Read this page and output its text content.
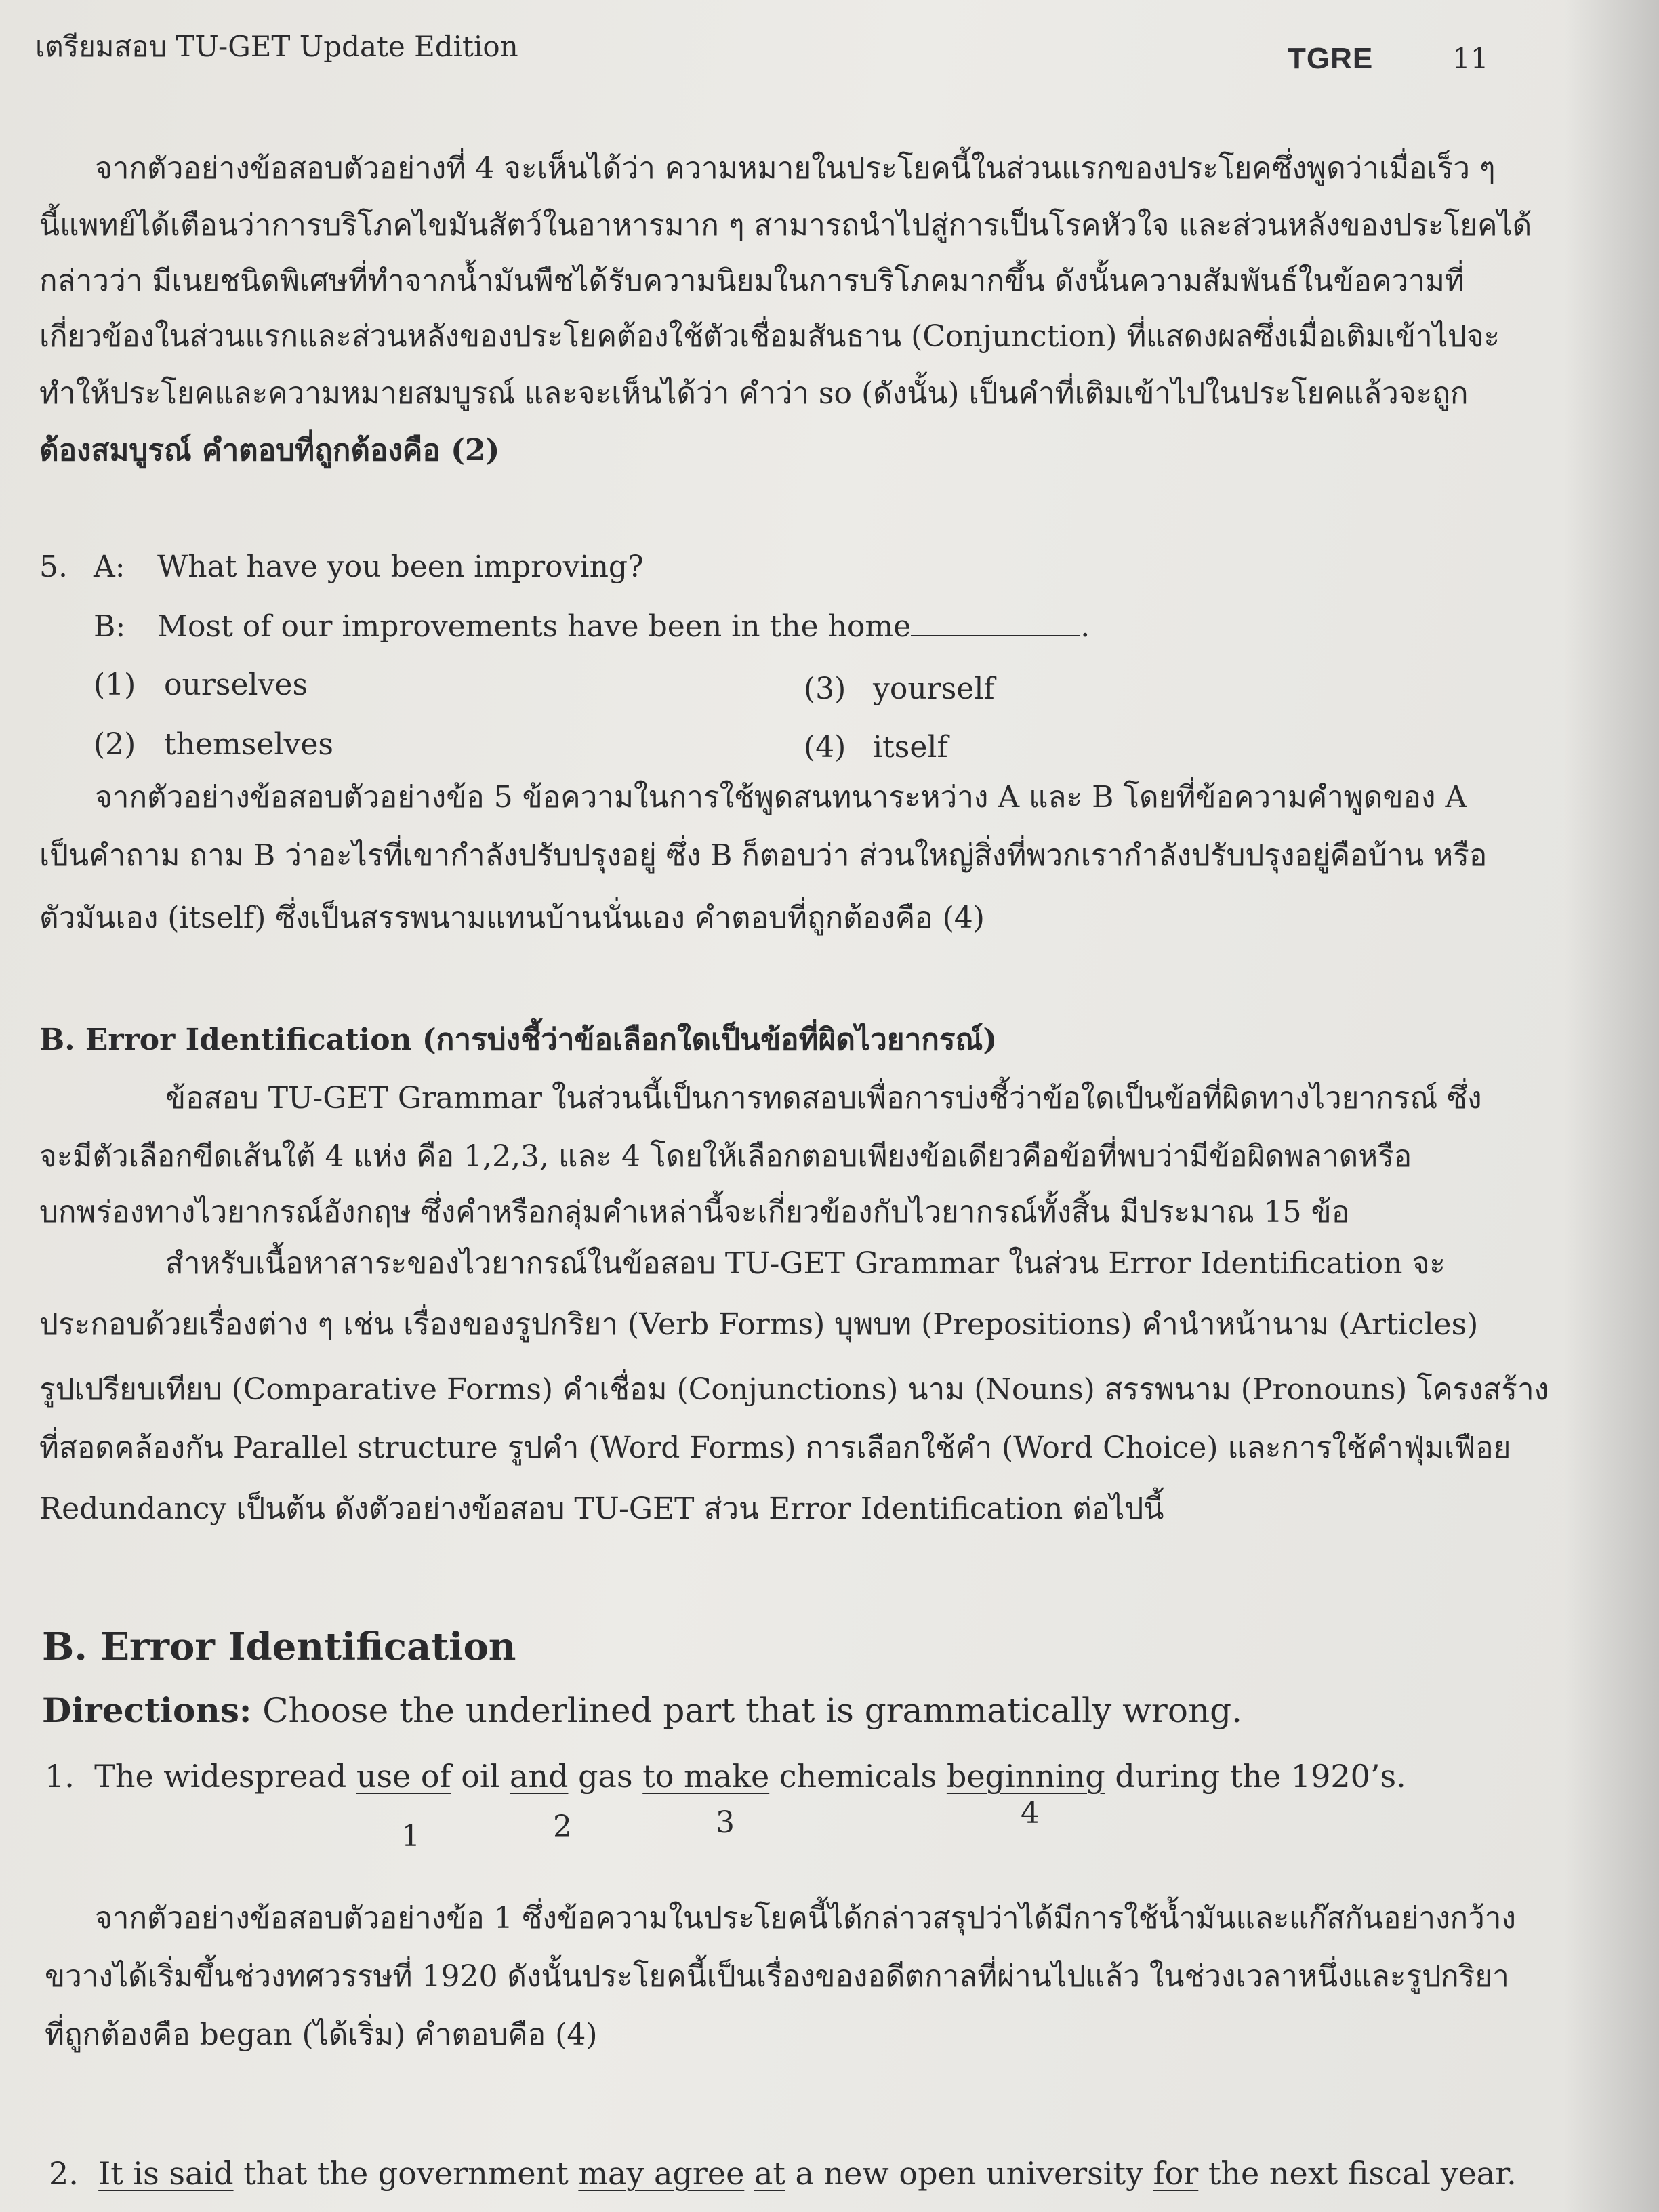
เตรียมสอบ TU-GET Update Edition	TGRE	11
จากตัวอย่างข้อสอบตัวอย่างที่ 4 จะเห็นได้ว่า ความหมายในประโยคนี้ในส่วนแรกของประโยคซึ่งพูดว่าเมื่อเร็ว ๆ
นี้แพทย์ได้เตือนว่าการบริโภคไขมันสัตว์ในอาหารมาก ๆ สามารถนำไปสู่การเป็นโรคหัวใจ และส่วนหลังของประโยคได้
กล่าวว่า มีเนยชนิดพิเศษที่ทำจากน้ำมันพืชได้รับความนิยมในการบริโภคมากขึ้น ดังนั้นความสัมพันธ์ในข้อความที่
เกี่ยวข้องในส่วนแรกและส่วนหลังของประโยคต้องใช้ตัวเชื่อมสันธาน (Conjunction) ที่แสดงผลซึ่งเมื่อเติมเข้าไปจะ
ทำให้ประโยคและความหมายสมบูรณ์ และจะเห็นได้ว่า คำว่า so (ดังนั้น) เป็นคำที่เติมเข้าไปในประโยคแล้วจะถูก
ต้องสมบูรณ์ คำตอบที่ถูกต้องคือ (2)
5. A: What have you been improving?
B: Most of our improvements have been in the home	.
(1) ourselves
(2) themselves
(3) yourself
(4) itself
จากตัวอย่างข้อสอบตัวอย่างข้อ 5 ข้อความในการใช้พูดสนทนาระหว่าง A และ B โดยที่ข้อความคำพูดของ A
เป็นคำถาม ถาม B ว่าอะไรที่เขากำลังปรับปรุงอยู่ ซึ่ง B ก็ตอบว่า ส่วนใหญ่สิ่งที่พวกเรากำลังปรับปรุงอยู่คือบ้าน หรือ
ตัวมันเอง (itself) ซึ่งเป็นสรรพนามแทนบ้านนั่นเอง คำตอบที่ถูกต้องคือ (4)
B. Error Identification (การบ่งชี้ว่าข้อเลือกใดเป็นข้อที่ผิดไวยากรณ์)
ข้อสอบ TU-GET Grammar ในส่วนนี้เป็นการทดสอบเพื่อการบ่งชี้ว่าข้อใดเป็นข้อที่ผิดทางไวยากรณ์ ซึ่ง
จะมีตัวเลือกขีดเส้นใต้ 4 แห่ง คือ 1,2,3, และ 4 โดยให้เลือกตอบเพียงข้อเดียวคือข้อที่พบว่ามีข้อผิดพลาดหรือ
บกพร่องทางไวยากรณ์อังกฤษ ซึ่งคำหรือกลุ่มคำเหล่านี้จะเกี่ยวข้องกับไวยากรณ์ทั้งสิ้น มีประมาณ 15 ข้อ
สำหรับเนื้อหาสาระของไวยากรณ์ในข้อสอบ TU-GET Grammar ในส่วน Error Identification จะ
ประกอบด้วยเรื่องต่าง ๆ เช่น เรื่องของรูปกริยา (Verb Forms) บุพบท (Prepositions) คำนำหน้านาม (Articles)
รูปเปรียบเทียบ (Comparative Forms) คำเชื่อม (Conjunctions) นาม (Nouns) สรรพนาม (Pronouns) โครงสร้าง
ที่สอดคล้องกัน Parallel structure รูปคำ (Word Forms) การเลือกใช้คำ (Word Choice) และการใช้คำฟุ่มเฟือย
Redundancy เป็นต้น ดังตัวอย่างข้อสอบ TU-GET ส่วน Error Identification ต่อไปนี้
B. Error Identification
Directions: Choose the underlined part that is grammatically wrong.
1. The widespread use of oil and gas to make chemicals beginning during the 1920’s.
1	2	3	4
จากตัวอย่างข้อสอบตัวอย่างข้อ 1 ซึ่งข้อความในประโยคนี้ได้กล่าวสรุปว่าได้มีการใช้น้ำมันและแก๊สกันอย่างกว้าง
ขวางได้เริ่มขึ้นช่วงทศวรรษที่ 1920 ดังนั้นประโยคนี้เป็นเรื่องของอดีตกาลที่ผ่านไปแล้ว ในช่วงเวลาหนึ่งและรูปกริยา
ที่ถูกต้องคือ began (ได้เริ่ม) คำตอบคือ (4)
2. It is said that the government may agree at a new open university for the next fiscal year.
